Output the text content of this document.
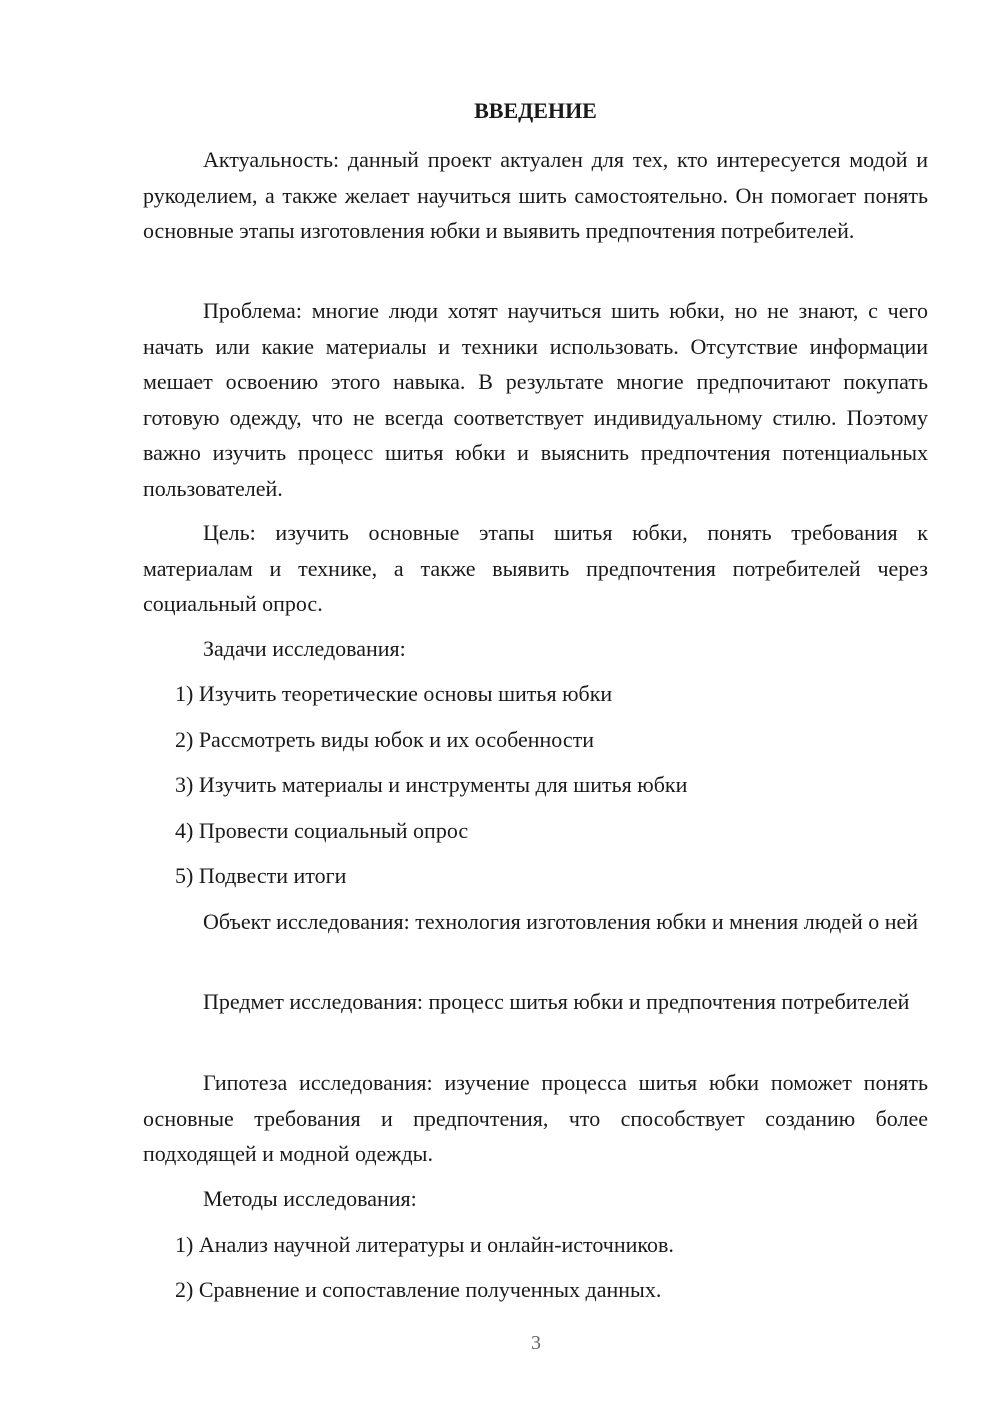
ВВЕДЕНИЕ
Актуальность: данный проект актуален для тех, кто интересуется модой и рукоделием, а также желает научиться шить самостоятельно. Он помогает понять основные этапы изготовления юбки и выявить предпочтения потребителей.
Проблема: многие люди хотят научиться шить юбки, но не знают, с чего начать или какие материалы и техники использовать. Отсутствие информации мешает освоению этого навыка. В результате многие предпочитают покупать готовую одежду, что не всегда соответствует индивидуальному стилю. Поэтому важно изучить процесс шитья юбки и выяснить предпочтения потенциальных пользователей.
Цель: изучить основные этапы шитья юбки, понять требования к материалам и технике, а также выявить предпочтения потребителей через социальный опрос.
Задачи исследования:
1) Изучить теоретические основы шитья юбки
2) Рассмотреть виды юбок и их особенности
3) Изучить материалы и инструменты для шитья юбки
4) Провести социальный опрос
5) Подвести итоги
Объект исследования: технология изготовления юбки и мнения людей о ней
Предмет исследования: процесс шитья юбки и предпочтения потребителей
Гипотеза исследования: изучение процесса шитья юбки поможет понять основные требования и предпочтения, что способствует созданию более подходящей и модной одежды.
Методы исследования:
1) Анализ научной литературы и онлайн-источников.
2) Сравнение и сопоставление полученных данных.
3
